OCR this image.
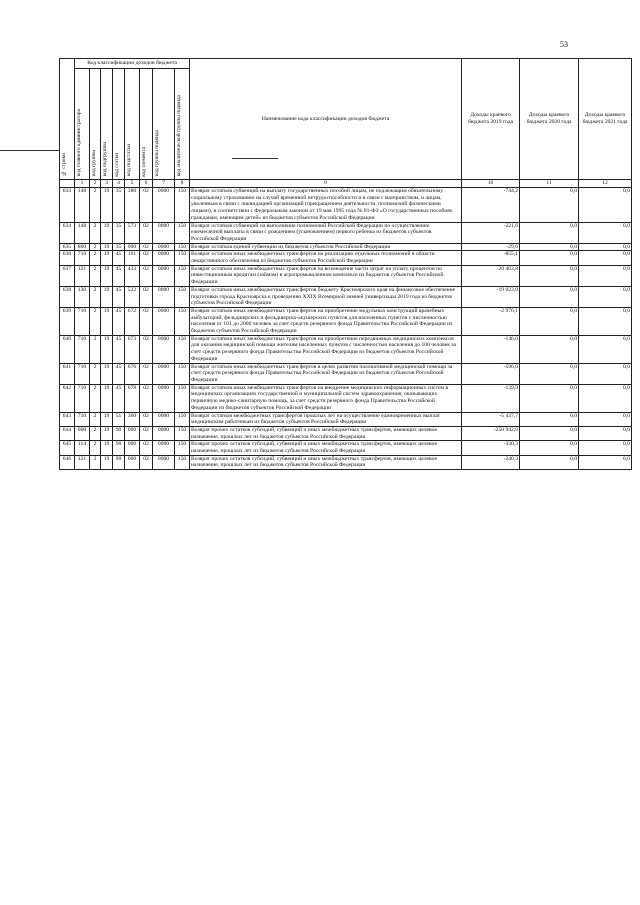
53
№ строки	Код классификации доходов бюджета								Наименование кода классификации доходов бюджета	Доходы краевого бюджета 2019 года	Доходы краевого бюджета 2020 года	Доходы краевого бюджета 2021 года
	код главного администратора	код группы	код подгруппы	код статьи	код подстатьи	код элемента	код группы подвида	код аналитической группы подвида				
	1	2	3	4	5	6	7	8	9	10	11	12
633	148	2	19	35	380	02	0000	150	Возврат остатков субвенций на выплату государственных пособий лицам, не подлежащим обязательному социальному страхованию на случай временной нетрудоспособности и в связи с материнством, и лицам, уволенным в связи с ликвидацией организаций (прекращением деятельности, полномочий физическими лицами), в соответствии с Федеральным законом от 19 мая 1995 года № 81-ФЗ «О государственных пособиях гражданам, имеющим детей» из бюджетов субъектов Российской Федерации	-744,2	0,0	0,0
634	148	2	19	35	573	02	0000	150	Возврат остатков субвенций на выполнение полномочий Российской Федерации по осуществлению ежемесячной выплаты в связи с рождением (усыновлением) первого ребенка из бюджетов субъектов Российской Федерации	-221,6	0,0	0,0
635	800	2	19	35	900	02	0000	150	Возврат остатков единой субвенции из бюджетов субъектов Российской Федерации	-29,6	0,0	0,0
636	710	2	19	45	161	02	0000	150	Возврат остатков иных межбюджетных трансфертов на реализацию отдельных полномочий в области лекарственного обеспечения из бюджетов субъектов Российской Федерации	-855,1	0,0	0,0
637	121	2	19	45	433	02	0000	150	Возврат остатков иных межбюджетных трансфертов на возмещение части затрат на уплату процентов по инвестиционным кредитам (займам) в агропромышленном комплексе из бюджетов субъектов Российской Федерации	-20 463,8	0,0	0,0
638	130	2	19	45	522	02	0000	150	Возврат остатков иных межбюджетных трансфертов бюджету Красноярского края на финансовое обеспечение подготовки города Красноярска к проведению XXIX Всемирной зимней универсиады 2019 года из бюджетов субъектов Российской Федерации	-19 023,0	0,0	0,0
639	710	2	19	45	672	02	0000	150	Возврат остатков иных межбюджетных трансфертов на приобретение модульных конструкций врачебных амбулаторий, фельдшерских и фельдшерско-акушерских пунктов для населенных пунктов с численностью населения от 101 до 2000 человек за счет средств резервного фонда Правительства Российской Федерации из бюджетов субъектов Российской Федерации	-2 976,1	0,0	0,0
640	710	2	19	45	673	02	0000	150	Возврат остатков иных межбюджетных трансфертов на приобретение передвижных медицинских комплексов для оказания медицинской помощи жителям населенных пунктов с численностью населения до 100 человек за счет средств резервного фонда Правительства Российской Федерации из бюджетов субъектов Российской Федерации	-146,0	0,0	0,0
641	710	2	19	45	676	02	0000	150	Возврат остатков иных межбюджетных трансфертов в целях развития паллиативной медицинской помощи за счет средств резервного фонда Правительства Российской Федерации из бюджетов субъектов Российской Федерации	-596,0	0,0	0,0
642	710	2	19	45	678	02	0000	150	Возврат остатков иных межбюджетных трансфертов на внедрение медицинских информационных систем в медицинских организациях государственной и муниципальной систем здравоохранения, оказывающих первичную медико-санитарную помощь, за счет средств резервного фонда Правительства Российской Федерации из бюджетов субъектов Российской Федерации	-139,9	0,0	0,0
643	710	2	19	51	360	02	0000	150	Возврат остатков межбюджетных трансфертов прошлых лет на осуществление единовременных выплат медицинским работникам из бюджетов субъектов Российской Федерации	-5 437,7	0,0	0,0
644	000	2	19	90	000	02	0000	150	Возврат прочих остатков субсидий, субвенций и иных межбюджетных трансфертов, имеющих целевое назначение, прошлых лет из бюджетов субъектов Российской Федерации	-250 942,9	0,0	0,0
645	114	2	19	90	000	02	0000	150	Возврат прочих остатков субсидий, субвенций и иных межбюджетных трансфертов, имеющих целевое назначение, прошлых лет из бюджетов субъектов Российской Федерации	-330,3	0,0	0,0
646	121	2	19	90	000	02	0000	150	Возврат прочих остатков субсидий, субвенций и иных межбюджетных трансфертов, имеющих целевое назначение, прошлых лет из бюджетов субъектов Российской Федерации	-240,3	0,0	0,0
